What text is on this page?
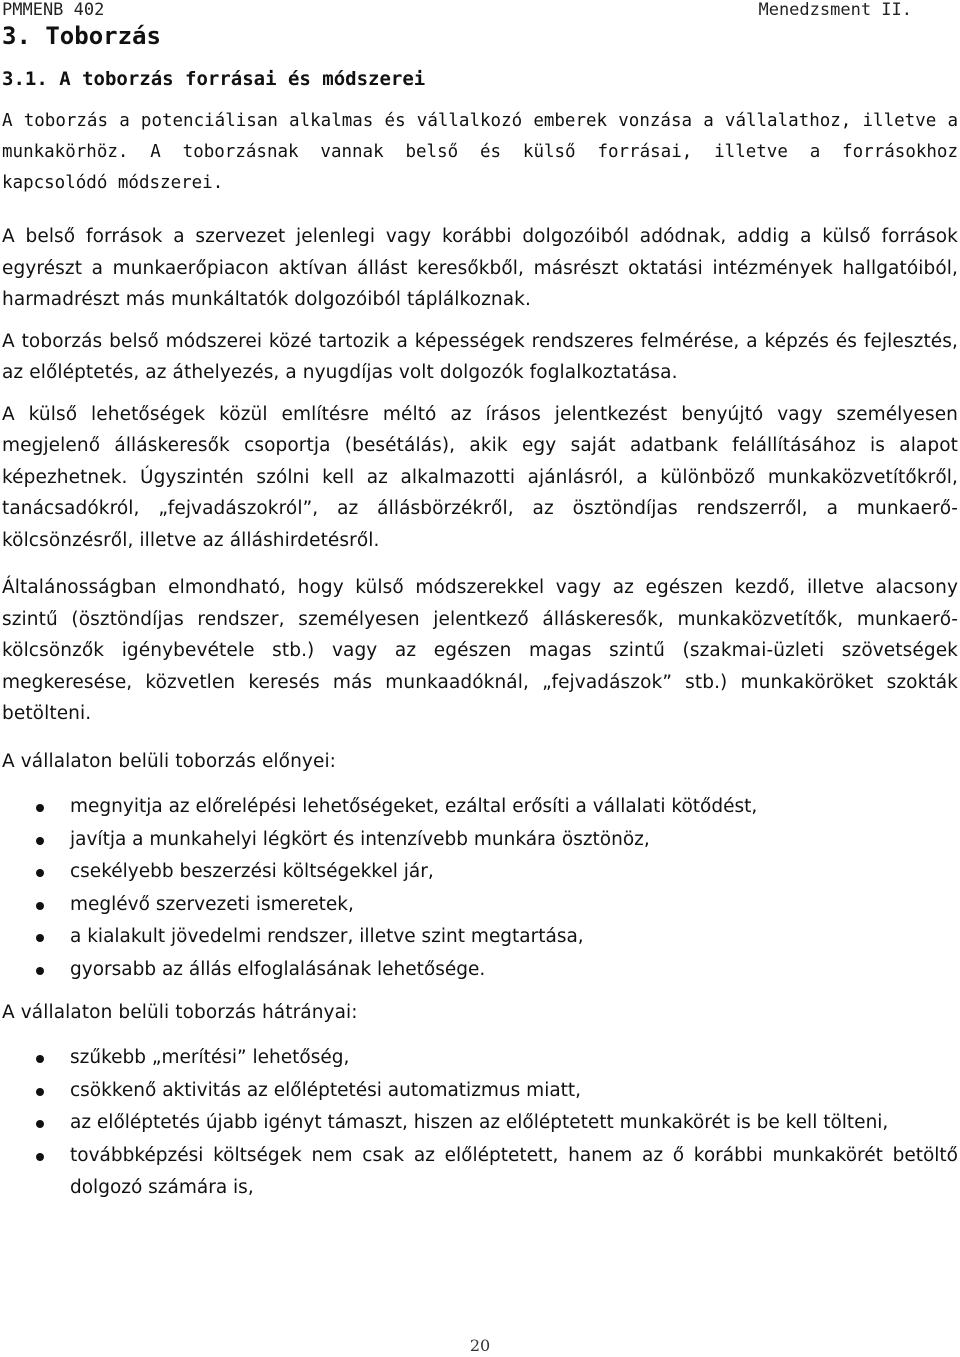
PMMENB 402	Menedzsment II.
3. Toborzás
3.1. A toborzás forrásai és módszerei
A toborzás a potenciálisan alkalmas és vállalkozó emberek vonzása a vállalathoz, illetve a munkakörhöz. A toborzásnak vannak belső és külső forrásai, illetve a forrásokhoz kapcsolódó módszerei.
A belső források a szervezet jelenlegi vagy korábbi dolgozóiból adódnak, addig a külső források egyrészt a munkaerőpiacon aktívan állást keresőkből, másrészt oktatási intézmények hallgatóiból, harmadrészt más munkáltatók dolgozóiból táplálkoznak.
A toborzás belső módszerei közé tartozik a képességek rendszeres felmérése, a képzés és fejlesztés, az előléptetés, az áthelyezés, a nyugdíjas volt dolgozók foglalkoztatása.
A külső lehetőségek közül említésre méltó az írásos jelentkezést benyújtó vagy személyesen megjelenő álláskeresők csoportja (besétálás), akik egy saját adatbank felállításához is alapot képezhetnek. Úgyszintén szólni kell az alkalmazotti ajánlásról, a különböző munkaközvetítőkről, tanácsadókról, „fejvadászokról”, az állásbörzékről, az ösztöndíjas rendszerről, a munkaerő-kölcsönzésről, illetve az álláshirdetésről.
Általánosságban elmondható, hogy külső módszerekkel vagy az egészen kezdő, illetve alacsony szintű (ösztöndíjas rendszer, személyesen jelentkező álláskeresők, munkaközvetítők, munkaerő-kölcsönzők igénybevétele stb.) vagy az egészen magas szintű (szakmai-üzleti szövetségek megkeresése, közvetlen keresés más munkaadóknál, „fejvadászok” stb.) munkaköröket szokták betölteni.
A vállalaton belüli toborzás előnyei:
megnyitja az előrelépési lehetőségeket, ezáltal erősíti a vállalati kötődést,
javítja a munkahelyi légkört és intenzívebb munkára ösztönöz,
csekélyebb beszerzési költségekkel jár,
meglévő szervezeti ismeretek,
a kialakult jövedelmi rendszer, illetve szint megtartása,
gyorsabb az állás elfoglalásának lehetősége.
A vállalaton belüli toborzás hátrányai:
szűkebb „merítési” lehetőség,
csökkenő aktivitás az előléptetési automatizmus miatt,
az előléptetés újabb igényt támaszt, hiszen az előléptetett munkakörét is be kell tölteni,
továbbképzési költségek nem csak az előléptetett, hanem az ő korábbi munkakörét betöltő dolgozó számára is,
20
